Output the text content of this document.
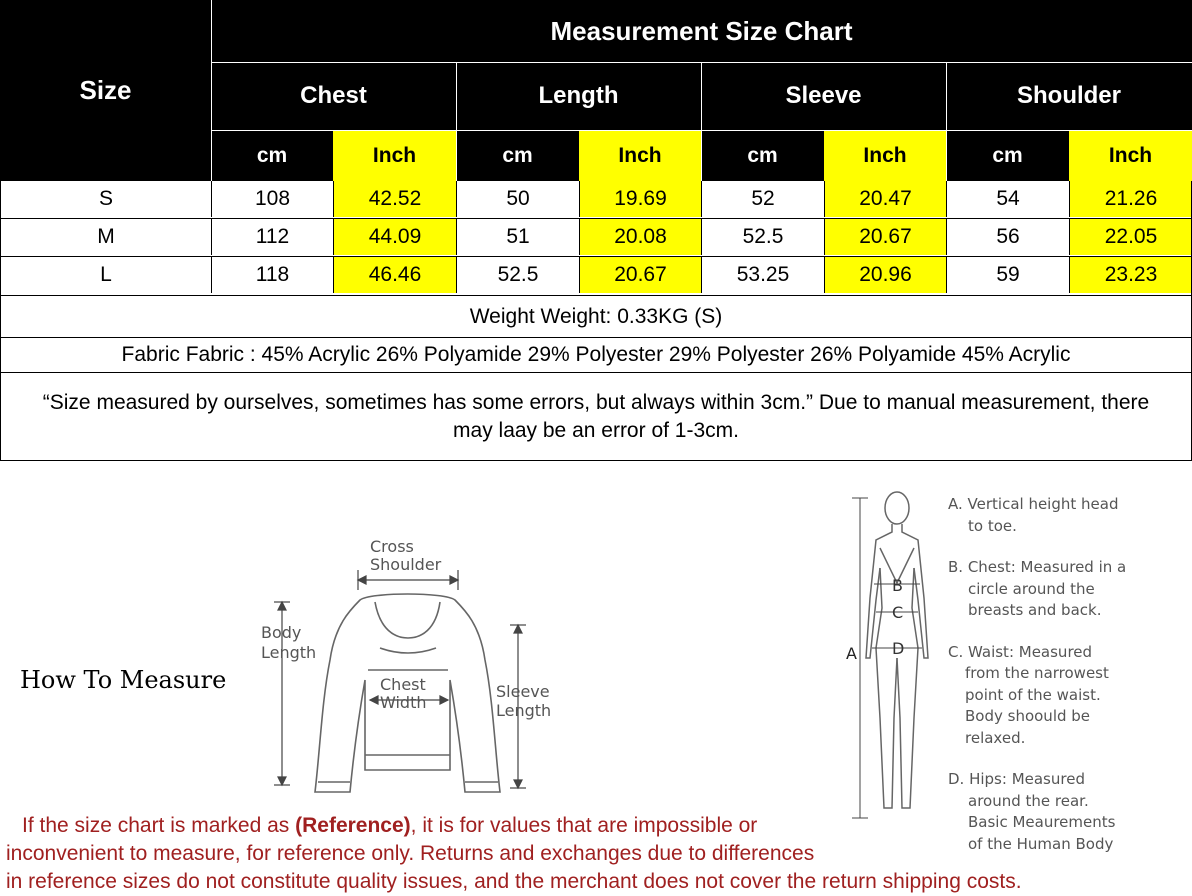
Size
Measurement Size Chart
Chest	Length	Sleeve	Shoulder
cm	Inch	cm	Inch	cm	Inch	cm	Inch
S	108	42.52	50	19.69	52	20.47	54	21.26
M	112	44.09	51	20.08	52.5	20.67	56	22.05
L	118	46.46	52.5	20.67	53.25	20.96	59	23.23
Weight Weight: 0.33KG (S)
Fabric Fabric : 45% Acrylic 26% Polyamide 29% Polyester 29% Polyester 26% Polyamide 45% Acrylic
“Size measured by ourselves, sometimes has some errors, but always within 3cm.” Due to manual measurement, there
may laay be an error of 1-3cm.
How To Measure
Cross
Shoulder
Body
Length
Chest
Width
Sleeve
Length
B
C
D
A
A. Vertical height head
to toe.
B. Chest: Measured in a
circle around the
breasts and back.
C. Waist: Measured
from the narrowest
point of the waist.
Body shoould be
relaxed.
D. Hips: Measured
around the rear.
Basic Meaurements
of the Human Body
If the size chart is marked as (Reference), it is for values that are impossible or
inconvenient to measure, for reference only. Returns and exchanges due to differences
in reference sizes do not constitute quality issues, and the merchant does not cover the return shipping costs.
